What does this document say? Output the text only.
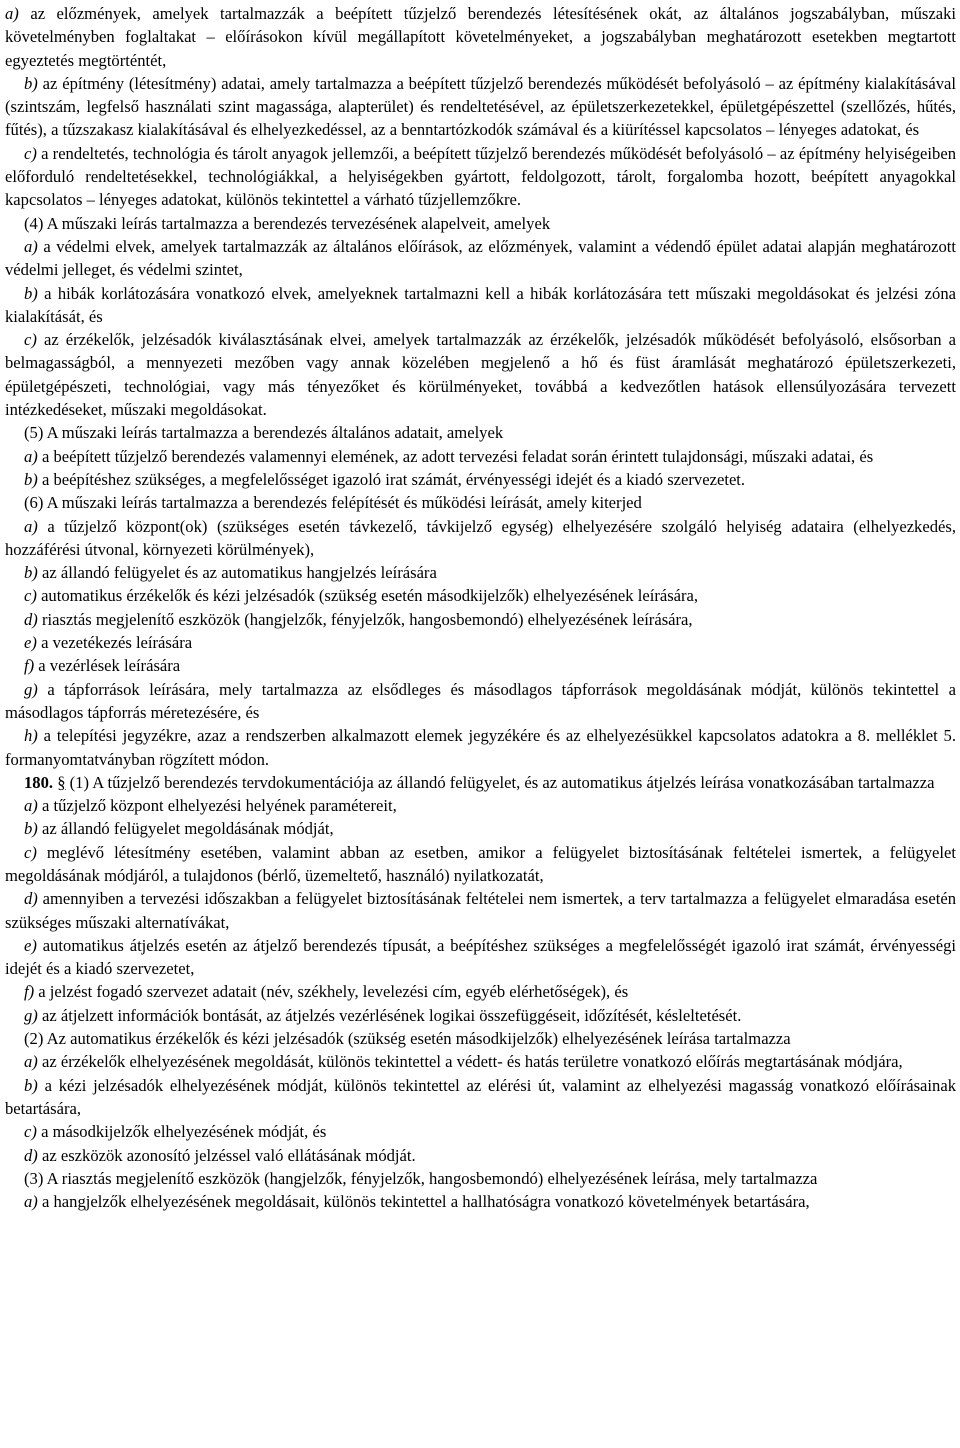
a) az előzmények, amelyek tartalmazzák a beépített tűzjelző berendezés létesítésének okát, az általános jogszabályban, műszaki követelményben foglaltakat – előírásokon kívül megállapított követelményeket, a jogszabályban meghatározott esetekben megtartott egyeztetés megtörténtét,

b) az építmény (létesítmény) adatai, amely tartalmazza a beépített tűzjelző berendezés működését befolyásoló – az építmény kialakításával (szintszám, legfelső használati szint magassága, alapterület) és rendeltetésével, az épületszerkezetekkel, épületgépészettel (szellőzés, hűtés, fűtés), a tűzszakasz kialakításával és elhelyezkedéssel, az a benntartózkodók számával és a kiürítéssel kapcsolatos – lényeges adatokat, és

c) a rendeltetés, technológia és tárolt anyagok jellemzői, a beépített tűzjelző berendezés működését befolyásoló – az építmény helyiségeiben előforduló rendeltetésekkel, technológiákkal, a helyiségekben gyártott, feldolgozott, tárolt, forgalomba hozott, beépített anyagokkal kapcsolatos – lényeges adatokat, különös tekintettel a várható tűzjellemzőkre.

(4) A műszaki leírás tartalmazza a berendezés tervezésének alapelveit, amelyek

a) a védelmi elvek, amelyek tartalmazzák az általános előírások, az előzmények, valamint a védendő épület adatai alapján meghatározott védelmi jelleget, és védelmi szintet,

b) a hibák korlátozására vonatkozó elvek, amelyeknek tartalmazni kell a hibák korlátozására tett műszaki megoldásokat és jelzési zóna kialakítását, és

c) az érzékelők, jelzésadók kiválasztásának elvei, amelyek tartalmazzák az érzékelők, jelzésadók működését befolyásoló, elsősorban a belmagasságból, a mennyezeti mezőben vagy annak közelében megjelenő a hő és füst áramlását meghatározó épületszerkezeti, épületgépészeti, technológiai, vagy más tényezőket és körülményeket, továbbá a kedvezőtlen hatások ellensúlyozására tervezett intézkedéseket, műszaki megoldásokat.

(5) A műszaki leírás tartalmazza a berendezés általános adatait, amelyek

a) a beépített tűzjelző berendezés valamennyi elemének, az adott tervezési feladat során érintett tulajdonsági, műszaki adatai, és

b) a beépítéshez szükséges, a megfelelősséget igazoló irat számát, érvényességi idejét és a kiadó szervezetet.

(6) A műszaki leírás tartalmazza a berendezés felépítését és működési leírását, amely kiterjed

a) a tűzjelző központ(ok) (szükséges esetén távkezelő, távkijelző egység) elhelyezésére szolgáló helyiség adataira (elhelyezkedés, hozzáférési útvonal, környezeti körülmények),

b) az állandó felügyelet és az automatikus hangjelzés leírására

c) automatikus érzékelők és kézi jelzésadók (szükség esetén másodkijelzők) elhelyezésének leírására,

d) riasztás megjelenítő eszközök (hangjelzők, fényjelzők, hangosbemondó) elhelyezésének leírására,

e) a vezetékezés leírására

f) a vezérlések leírására

g) a tápforrások leírására, mely tartalmazza az elsődleges és másodlagos tápforrások megoldásának módját, különös tekintettel a másodlagos tápforrás méretezésére, és

h) a telepítési jegyzékre, azaz a rendszerben alkalmazott elemek jegyzékére és az elhelyezésükkel kapcsolatos adatokra a 8. melléklet 5. formanyomtatványban rögzített módon.

180. § (1) A tűzjelző berendezés tervdokumentációja az állandó felügyelet, és az automatikus átjelzés leírása vonatkozásában tartalmazza

a) a tűzjelző központ elhelyezési helyének paramétereit,

b) az állandó felügyelet megoldásának módját,

c) meglévő létesítmény esetében, valamint abban az esetben, amikor a felügyelet biztosításának feltételei ismertek, a felügyelet megoldásának módjáról, a tulajdonos (bérlő, üzemeltető, használó) nyilatkozatát,

d) amennyiben a tervezési időszakban a felügyelet biztosításának feltételei nem ismertek, a terv tartalmazza a felügyelet elmaradása esetén szükséges műszaki alternatívákat,

e) automatikus átjelzés esetén az átjelző berendezés típusát, a beépítéshez szükséges a megfelelősségét igazoló irat számát, érvényességi idejét és a kiadó szervezetet,

f) a jelzést fogadó szervezet adatait (név, székhely, levelezési cím, egyéb elérhetőségek), és

g) az átjelzett információk bontását, az átjelzés vezérlésének logikai összefüggéseit, időzítését, késleltetését.

(2) Az automatikus érzékelők és kézi jelzésadók (szükség esetén másodkijelzők) elhelyezésének leírása tartalmazza

a) az érzékelők elhelyezésének megoldását, különös tekintettel a védett- és hatás területre vonatkozó előírás megtartásának módjára,

b) a kézi jelzésadók elhelyezésének módját, különös tekintettel az elérési út, valamint az elhelyezési magasság vonatkozó előírásainak betartására,

c) a másodkijelzők elhelyezésének módját, és

d) az eszközök azonosító jelzéssel való ellátásának módját.

(3) A riasztás megjelenítő eszközök (hangjelzők, fényjelzők, hangosbemondó) elhelyezésének leírása, mely tartalmazza

a) a hangjelzők elhelyezésének megoldásait, különös tekintettel a hallhatóságra vonatkozó követelmények betartására,
